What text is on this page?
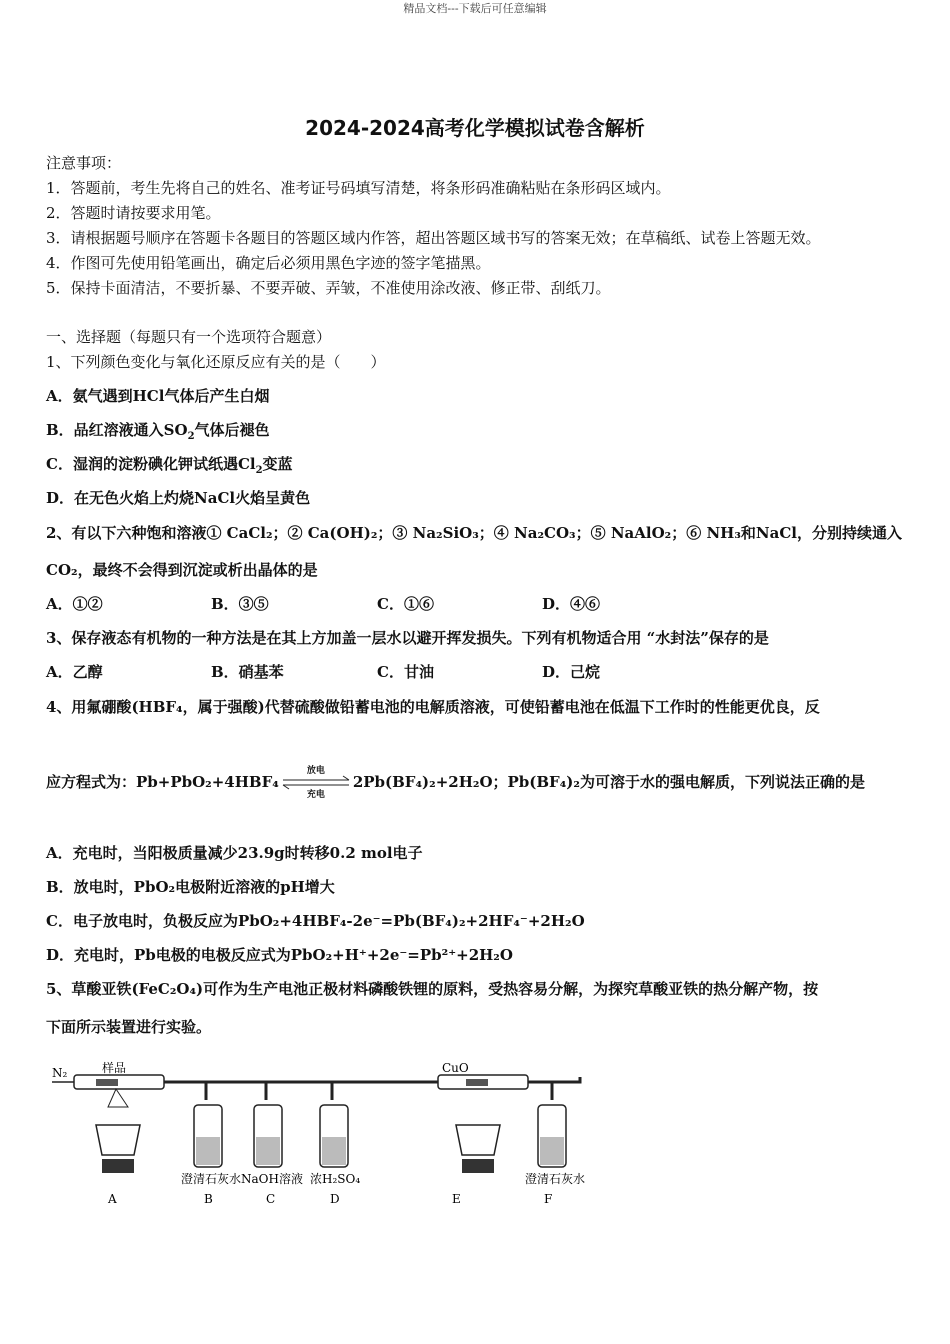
精品文档---下载后可任意编辑
2024-2024高考化学模拟试卷含解析
注意事项：
1．答题前，考生先将自己的姓名、准考证号码填写清楚，将条形码准确粘贴在条形码区域内。
2．答题时请按要求用笔。
3．请根据题号顺序在答题卡各题目的答题区域内作答，超出答题区域书写的答案无效；在草稿纸、试卷上答题无效。
4．作图可先使用铅笔画出，确定后必须用黑色字迹的签字笔描黑。
5．保持卡面清洁，不要折暴、不要弄破、弄皱，不准使用涂改液、修正带、刮纸刀。
一、选择题（每题只有一个选项符合题意）
1、下列颜色变化与氧化还原反应有关的是（　　）
A．氨气遇到HCl气体后产生白烟
B．品红溶液通入$SO_2$气体后褪色
C．湿润的淀粉碘化钾试纸遇$Cl_2$变蓝
D．在无色火焰上灼烧NaCl火焰呈黄色
2、有以下六种饱和溶液① CaCl₂；② Ca(OH)₂；③ Na₂SiO₃；④ Na₂CO₃；⑤ NaAlO₂；⑥ NH₃和NaCl，分别持续通入
CO₂，最终不会得到沉淀或析出晶体的是
A．①②	B．③⑤	C．①⑥	D．④⑥
3、保存液态有机物的一种方法是在其上方加盖一层水以避开挥发损失。下列有机物适合用 “水封法”保存的是
A．乙醇	B．硝基苯	C．甘油	D．己烷
4、用氟硼酸(HBF₄，属于强酸)代替硫酸做铅蓄电池的电解质溶液，可使铅蓄电池在低温下工作时的性能更优良，反
应方程式为：Pb+PbO₂+4HBF₄
放电
充电
2Pb(BF₄)₂+2H₂O；Pb(BF₄)₂为可溶于水的强电解质，下列说法正确的是
A．充电时，当阳极质量减少23.9g时转移0.2 mol电子
B．放电时，PbO₂电极附近溶液的pH增大
C．电子放电时，负极反应为PbO₂+4HBF₄-2e⁻=Pb(BF₄)₂+2HF₄⁻+2H₂O
D．充电时，Pb电极的电极反应式为PbO₂+H⁺+2e⁻=Pb²⁺+2H₂O
5、草酸亚铁(FeC₂O₄)可作为生产电池正极材料磷酸铁锂的原料，受热容易分解，为探究草酸亚铁的热分解产物，按
下面所示装置进行实验。
N₂	样品	CuO
澄清石灰水 NaOH溶液 浓H₂SO₄	澄清石灰水
A	B	C	D	E	F
